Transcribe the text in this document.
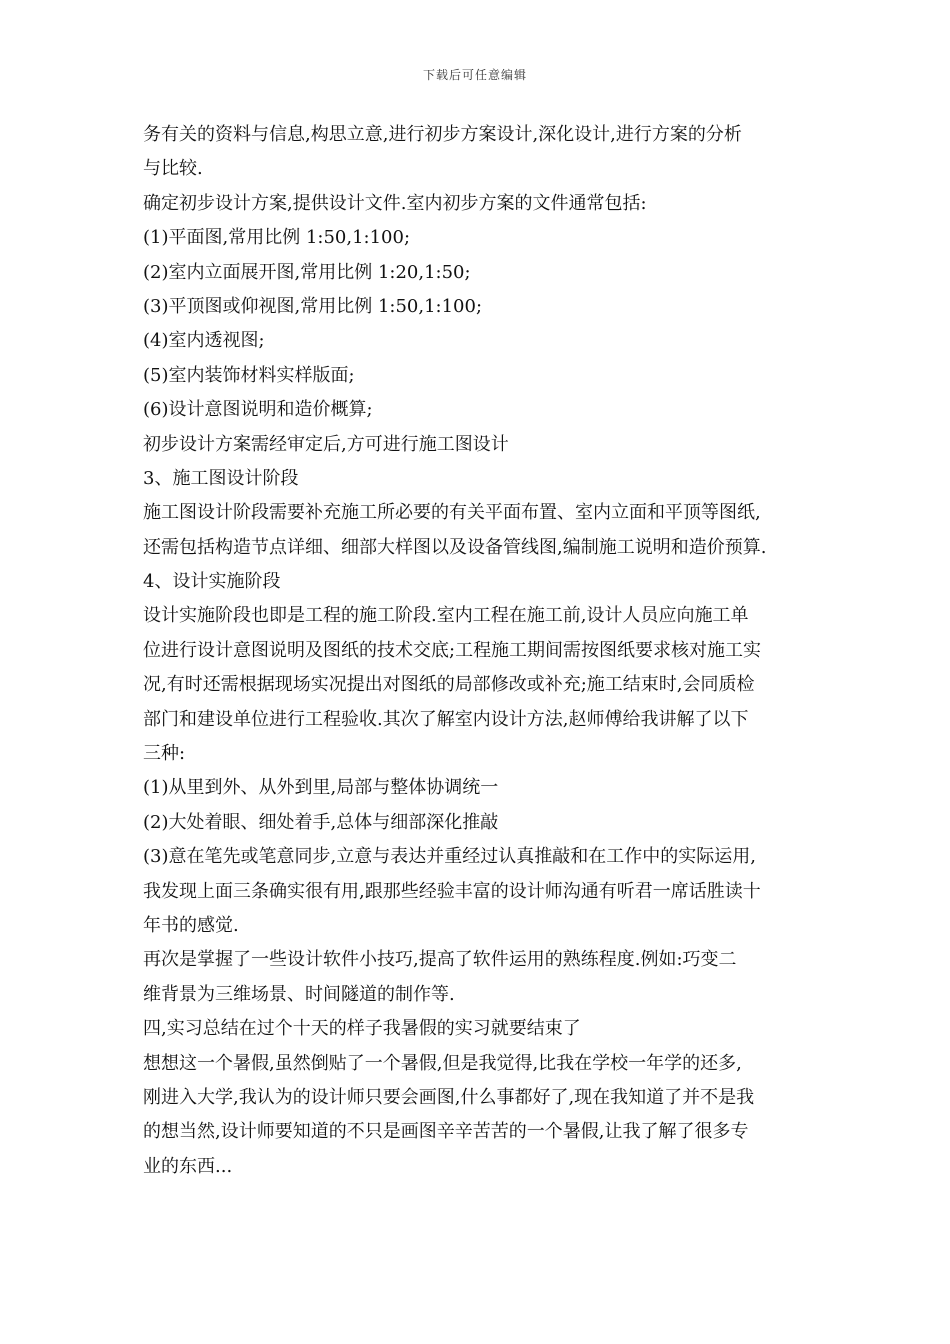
下载后可任意编辑
务有关的资料与信息,构思立意,进行初步方案设计,深化设计,进行方案的分析
与比较.
确定初步设计方案,提供设计文件.室内初步方案的文件通常包括:
(1)平面图,常用比例 1:50,1:100;
(2)室内立面展开图,常用比例 1:20,1:50;
(3)平顶图或仰视图,常用比例 1:50,1:100;
(4)室内透视图;
(5)室内装饰材料实样版面;
(6)设计意图说明和造价概算;
初步设计方案需经审定后,方可进行施工图设计
3、施工图设计阶段
施工图设计阶段需要补充施工所必要的有关平面布置、室内立面和平顶等图纸,
还需包括构造节点详细、细部大样图以及设备管线图,编制施工说明和造价预算.
4、设计实施阶段
设计实施阶段也即是工程的施工阶段.室内工程在施工前,设计人员应向施工单
位进行设计意图说明及图纸的技术交底;工程施工期间需按图纸要求核对施工实
况,有时还需根据现场实况提出对图纸的局部修改或补充;施工结束时,会同质检
部门和建设单位进行工程验收.其次了解室内设计方法,赵师傅给我讲解了以下
三种:
(1)从里到外、从外到里,局部与整体协调统一
(2)大处着眼、细处着手,总体与细部深化推敲
(3)意在笔先或笔意同步,立意与表达并重经过认真推敲和在工作中的实际运用,
我发现上面三条确实很有用,跟那些经验丰富的设计师沟通有听君一席话胜读十
年书的感觉.
再次是掌握了一些设计软件小技巧,提高了软件运用的熟练程度.例如:巧变二
维背景为三维场景、时间隧道的制作等.
四,实习总结在过个十天的样子我暑假的实习就要结束了
想想这一个暑假,虽然倒贴了一个暑假,但是我觉得,比我在学校一年学的还多,
刚进入大学,我认为的设计师只要会画图,什么事都好了,现在我知道了并不是我
的想当然,设计师要知道的不只是画图辛辛苦苦的一个暑假,让我了解了很多专
业的东西...
